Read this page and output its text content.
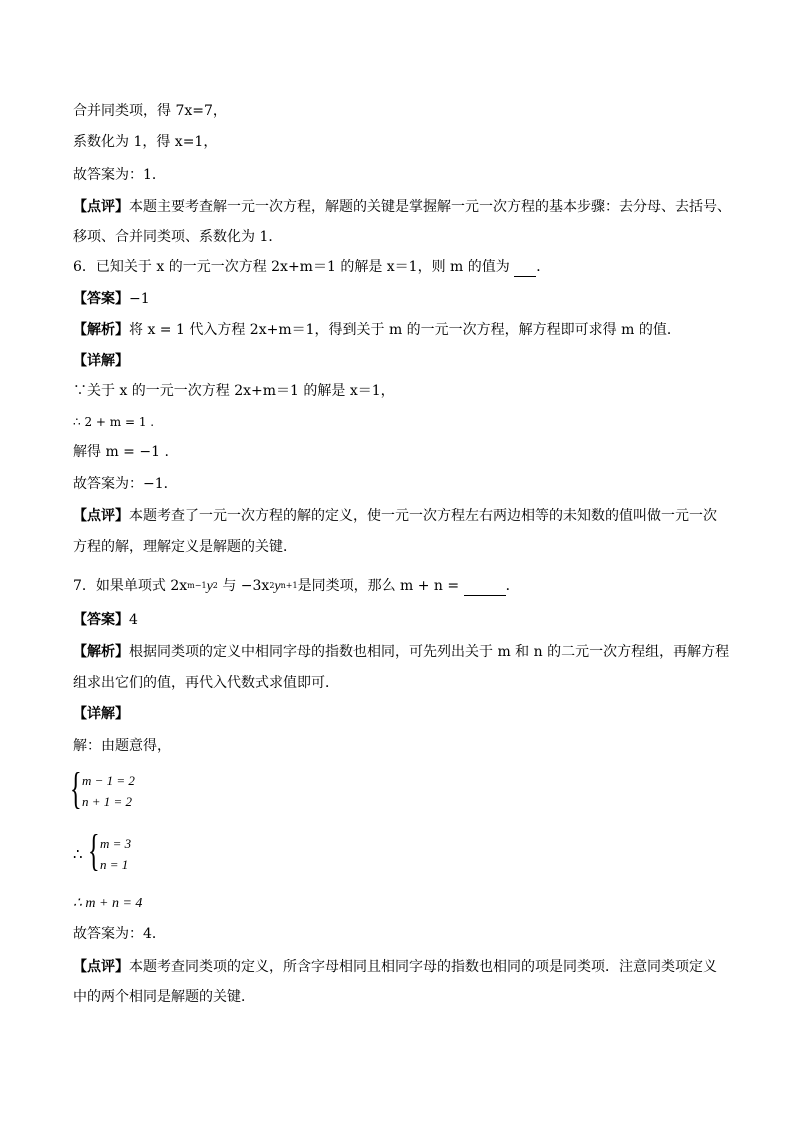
合并同类项，得 7x=7，
系数化为 1，得 x=1，
故答案为：1．
【点评】本题主要考查解一元一次方程，解题的关键是掌握解一元一次方程的基本步骤：去分母、去括号、
移项、合并同类项、系数化为 1．
6．已知关于 x 的一元一次方程 2x+m＝1 的解是 x＝1，则 m 的值为  ．
【答案】−1
【解析】将 x = 1 代入方程 2x+m＝1，得到关于 m 的一元一次方程，解方程即可求得 m 的值．
【详解】
∵关于 x 的一元一次方程 2x+m＝1 的解是 x＝1，
∴ 2 + m = 1 .
解得 m = −1 .
故答案为：−1．
【点评】本题考查了一元一次方程的解的定义，使一元一次方程左右两边相等的未知数的值叫做一元一次
方程的解，理解定义是解题的关键．
7．如果单项式 $2x^{m-1}y^2$ 与 $-3x^2y^{n+1}$是同类项，那么 m + n =	．
【答案】4
【解析】根据同类项的定义中相同字母的指数也相同，可先列出关于 m 和 n 的二元一次方程组，再解方程
组求出它们的值，再代入代数式求值即可．
【详解】
解：由题意得，
{ m − 1 = 2
n + 1 = 2
∴ { m = 3
n = 1
∴ m + n = 4
故答案为：4．
【点评】本题考查同类项的定义，所含字母相同且相同字母的指数也相同的项是同类项．注意同类项定义
中的两个相同是解题的关键．
